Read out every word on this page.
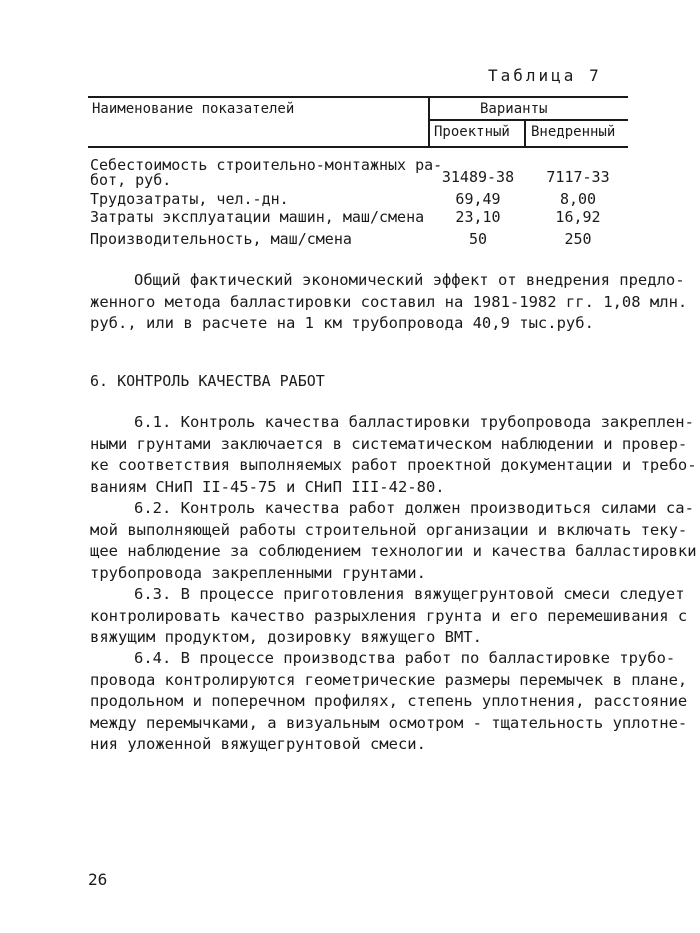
Таблица 7
Наименование показателей	Варианты
Проектный Внедренный
Себестоимость строительно-монтажных ра-
бот, руб.	31489-38	7117-33
Трудозатраты, чел.-дн.	69,49	8,00
Затраты эксплуатации машин, маш/смена	23,10	16,92
Производительность, маш/смена	50	250
Общий фактический экономический эффект от внедрения предло-
женного метода балластировки составил на 1981-1982 гг. 1,08 млн.
руб., или в расчете на 1 км трубопровода 40,9 тыс.руб.
6. КОНТРОЛЬ КАЧЕСТВА РАБОТ
6.1. Контроль качества балластировки трубопровода закреплен-
ными грунтами заключается в систематическом наблюдении и провер-
ке соответствия выполняемых работ проектной документации и требо-
ваниям СНиП II-45-75 и СНиП III-42-80.
6.2. Контроль качества работ должен производиться силами са-
мой выполняющей работы строительной организации и включать теку-
щее наблюдение за соблюдением технологии и качества балластировки
трубопровода закрепленными грунтами.
6.3. В процессе приготовления вяжущегрунтовой смеси следует
контролировать качество разрыхления грунта и его перемешивания с
вяжущим продуктом, дозировку вяжущего ВМТ.
6.4. В процессе производства работ по балластировке трубо-
провода контролируются геометрические размеры перемычек в плане,
продольном и поперечном профилях, степень уплотнения, расстояние
между перемычками, а визуальным осмотром - тщательность уплотне-
ния уложенной вяжущегрунтовой смеси.
26
